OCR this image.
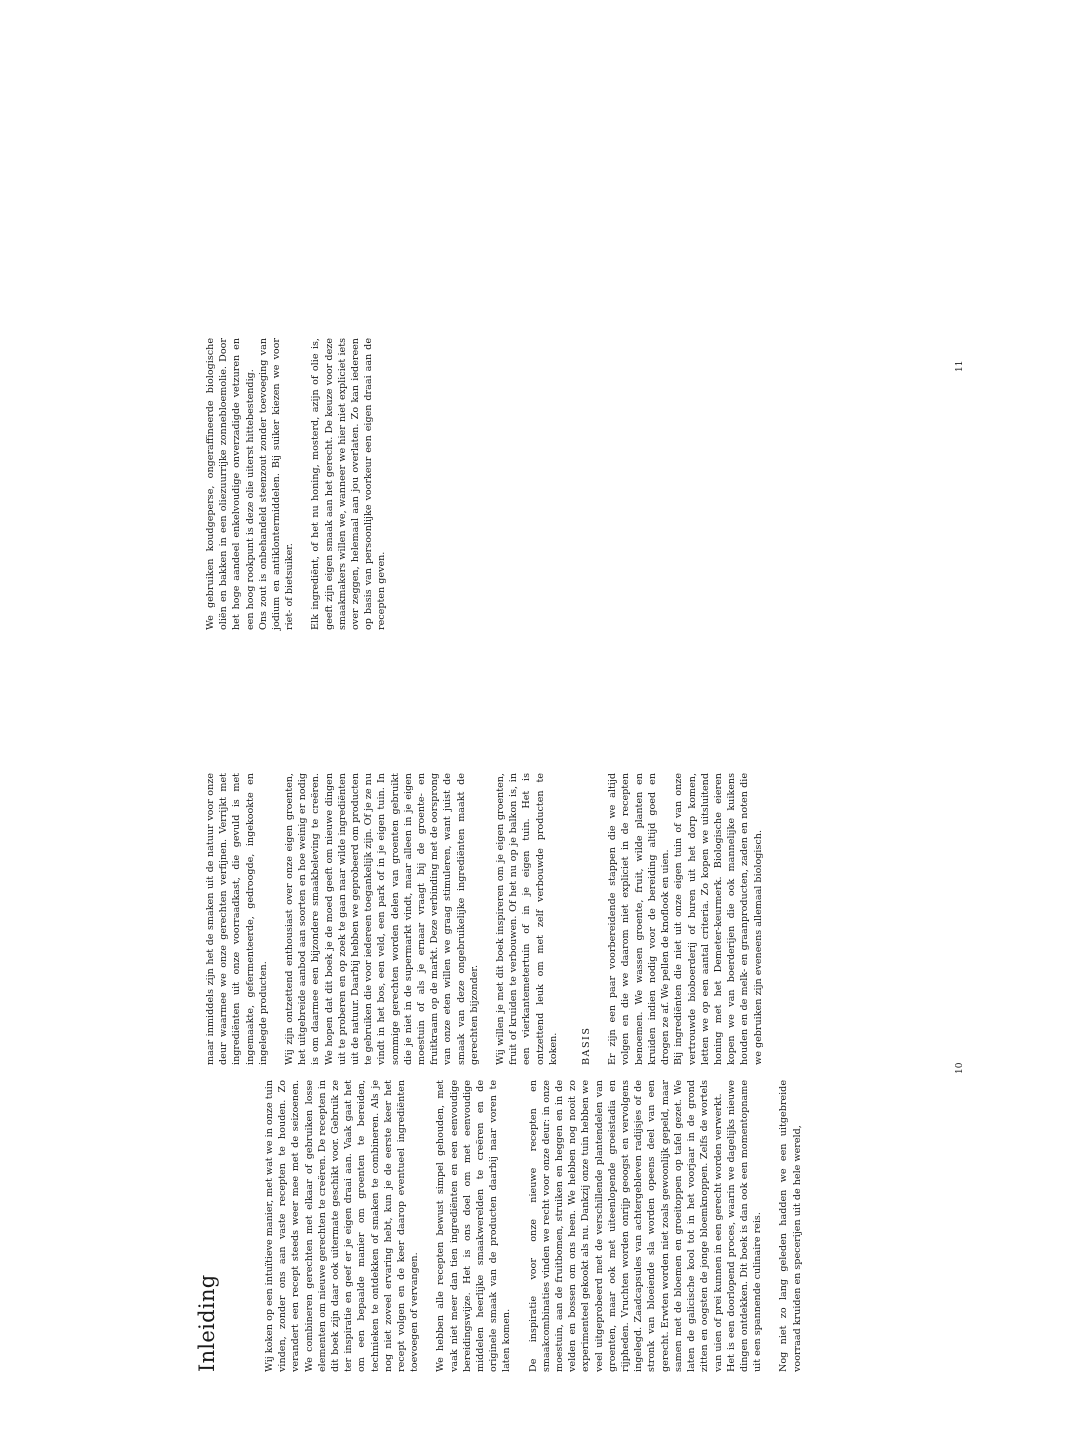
Inleiding	Wij koken op een intuïtieve manier, met wat we in onze tuin vinden, zonder ons aan vaste recepten te houden. Zo verandert een recept steeds weer mee met de seizoenen. We combineren gerechten met elkaar of gebruiken losse elementen om nieuwe gerechten te creëren. De recepten in dit boek zijn daar ook uitermate geschikt voor. Gebruik ze ter inspiratie en geef er je eigen draai aan. Vaak gaat het om een bepaalde manier om groenten te bereiden, technieken te ontdekken of smaken te combineren. Als je nog niet zoveel ervaring hebt, kun je de eerste keer het recept volgen en de keer daarop eventueel ingrediënten toevoegen of vervangen. We hebben alle recepten bewust simpel gehouden, met vaak niet meer dan tien ingrediënten en een eenvoudige bereidingswijze. Het is ons doel om met eenvoudige middelen heerlijke smaakwerelden te creëren en de originele smaak van de producten daarbij naar voren te laten komen. De inspiratie voor onze nieuwe recepten en smaakcombinaties vinden we recht voor onze deur: in onze moestuin, aan de fruitbomen, struiken en heggen en in de velden en bossen om ons heen. We hebben nog nooit zo experimenteel gekookt als nu. Dankzij onze tuin hebben we veel uitgeprobeerd met de verschillende plantendelen van groenten, maar ook met uiteenlopende groeistadia en rijpheden. Vruchten worden onrijp geoogst en vervolgens ingelegd. Zaadcapsules van achtergebleven radijsjes of de stronk van bloeiende sla worden opeens deel van een gerecht. Erwten worden niet zoals gewoonlijk gepeld, maar samen met de bloemen en groeitoppen op tafel gezet. We laten de galicische kool tot in het voorjaar in de grond zitten en oogsten de jonge bloemknoppen. Zelfs de wortels van uien of prei kunnen in een gerecht worden verwerkt.
Het is een doorlopend proces, waarin we dagelijks nieuwe dingen ontdekken. Dit boek is dan ook een momentopname uit een spannende culinaire reis. Nog niet zo lang geleden hadden we een uitgebreide voorraad kruiden en specerijen uit de hele wereld,

maar inmiddels zijn het de smaken uit de natuur voor onze deur waarmee we onze gerechten verfijnen. Verrijkt met ingrediënten uit onze voorraadkast, die gevuld is met ingemaakte, gefermenteerde, gedroogde, ingekookte en ingelegde producten. Wij zijn ontzettend enthousiast over onze eigen groenten, het uitgebreide aanbod aan soorten en hoe weinig er nodig is om daarmee een bijzondere smaakbeleving te creëren. We hopen dat dit boek je de moed geeft om nieuwe dingen uit te proberen en op zoek te gaan naar wilde ingrediënten uit de natuur. Daarbij hebben we geprobeerd om producten te gebruiken die voor iedereen toegankelijk zijn. Of je ze nu vindt in het bos, een veld, een park of in je eigen tuin. In sommige gerechten worden delen van groenten gebruikt die je niet in de supermarkt vindt, maar alleen in je eigen moestuin of als je ernaar vraagt bij de groente- en fruitkraam op de markt. Deze verbinding met de oorsprong van onze eten willen we graag stimuleren, want juist de smaak van deze ongebruikelijke ingrediënten maakt de gerechten bijzonder. Wij willen je met dit boek inspireren om je eigen groenten, fruit of kruiden te verbouwen. Of het nu op je balkon is, in een vierkantemetertuin of in je eigen tuin. Het is ontzettend leuk om met zelf verbouwde producten te koken. BASIS Er zijn een paar voorbereidende stappen die we altijd volgen en die we daarom niet expliciet in de recepten benoemen. We wassen groente, fruit, wilde planten en kruiden indien nodig voor de bereiding altijd goed en drogen ze af. We pellen de knoflook en uien. Bij ingrediënten die niet uit onze eigen tuin of van onze vertrouwde bioboerderij of buren uit het dorp komen, letten we op een aantal criteria. Zo kopen we uitsluitend honing met het Demeter-keurmerk. Biologische eieren kopen we van boerderijen die ook mannelijke kuikens houden en de melk- en graanproducten, zaden en noten die we gebruiken zijn eveneens allemaal biologisch.

10

We gebruiken koudgeperse, ongeraffineerde biologische oliën en bakken in een oliezuurrijke zonnebloemolie. Door het hoge aandeel enkelvoudige onverzadigde vetzuren en een hoog rookpunt is deze olie uiterst hittebestendig.
Ons zout is onbehandeld steenzout zonder toevoeging van jodium en antiklontermiddelen. Bij suiker kiezen we voor riet- of bietsuiker. Elk ingrediënt, of het nu honing, mosterd, azijn of olie is, geeft zijn eigen smaak aan het gerecht. De keuze voor deze smaakmakers willen we, wanneer we hier niet expliciet iets over zeggen, helemaal aan jou overlaten. Zo kan iedereen op basis van persoonlijke voorkeur een eigen draai aan de recepten geven.

11
